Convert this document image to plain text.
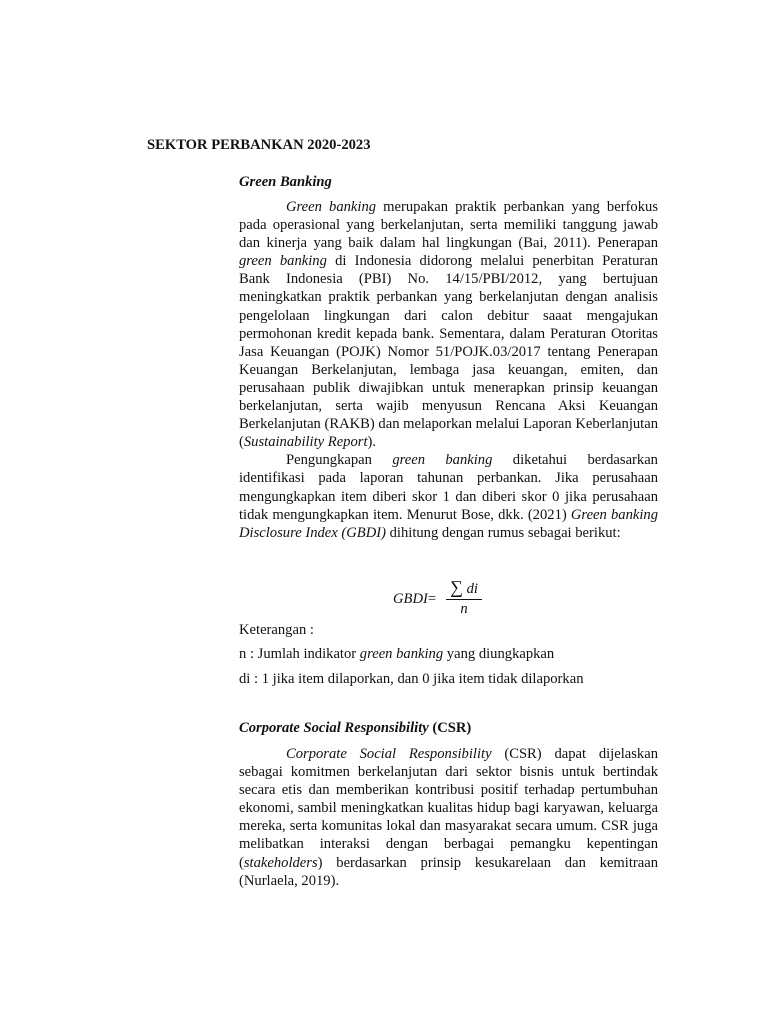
SEKTOR PERBANKAN 2020-2023
Green Banking

Green banking merupakan praktik perbankan yang berfokus pada operasional yang berkelanjutan, serta memiliki tanggung jawab dan kinerja yang baik dalam hal lingkungan (Bai, 2011). Penerapan green banking di Indonesia didorong melalui penerbitan Peraturan Bank Indonesia (PBI) No. 14/15/PBI/2012, yang bertujuan meningkatkan praktik perbankan yang berkelanjutan dengan analisis pengelolaan lingkungan dari calon debitur saaat mengajukan permohonan kredit kepada bank. Sementara, dalam Peraturan Otoritas Jasa Keuangan (POJK) Nomor 51/POJK.03/2017 tentang Penerapan Keuangan Berkelanjutan, lembaga jasa keuangan, emiten, dan perusahaan publik diwajibkan untuk menerapkan prinsip keuangan berkelanjutan, serta wajib menyusun Rencana Aksi Keuangan Berkelanjutan (RAKB) dan melaporkan melalui Laporan Keberlanjutan (Sustainability Report).

Pengungkapan green banking diketahui berdasarkan identifikasi pada laporan tahunan perbankan. Jika perusahaan mengungkapkan item diberi skor 1 dan diberi skor 0 jika perusahaan tidak mengungkapkan item. Menurut Bose, dkk. (2021) Green banking Disclosure Index (GBDI) dihitung dengan rumus sebagai berikut:

GBDI= $\frac{\sum di}{n}$

Keterangan :

n : Jumlah indikator green banking yang diungkapkan

di : 1 jika item dilaporkan, dan 0 jika item tidak dilaporkan

Corporate Social Responsibility (CSR)

Corporate Social Responsibility (CSR) dapat dijelaskan sebagai komitmen berkelanjutan dari sektor bisnis untuk bertindak secara etis dan memberikan kontribusi positif terhadap pertumbuhan ekonomi, sambil meningkatkan kualitas hidup bagi karyawan, keluarga mereka, serta komunitas lokal dan masyarakat secara umum. CSR juga melibatkan interaksi dengan berbagai pemangku kepentingan (stakeholders) berdasarkan prinsip kesukarelaan dan kemitraan (Nurlaela, 2019).
